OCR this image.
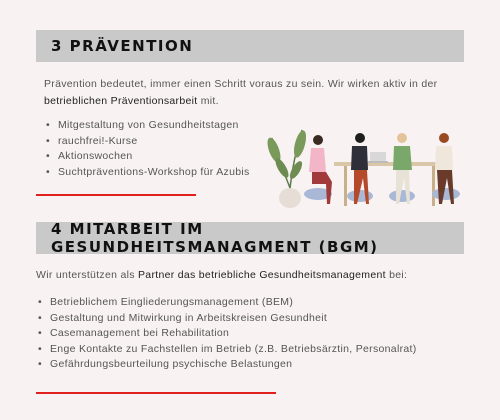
3 PRÄVENTION

Prävention bedeutet, immer einen Schritt voraus zu sein. Wir wirken aktiv in der betrieblichen Präventionsarbeit mit.

• Mitgestaltung von Gesundheitstagen
• rauchfrei!-Kurse
• Aktionswochen
• Suchtpräventions-Workshop für Azubis
4 MITARBEIT IM GESUNDHEITSMANAGMENT (BGM)

Wir unterstützen als Partner das betriebliche Gesundheitsmanagement bei:

• Betrieblichem Eingliederungsmanagement (BEM)
• Gestaltung und Mitwirkung in Arbeitskreisen Gesundheit
• Casemanagement bei Rehabilitation
• Enge Kontakte zu Fachstellen im Betrieb (z.B. Betriebsärztin, Personalrat)
• Gefährdungsbeurteilung psychische Belastungen
